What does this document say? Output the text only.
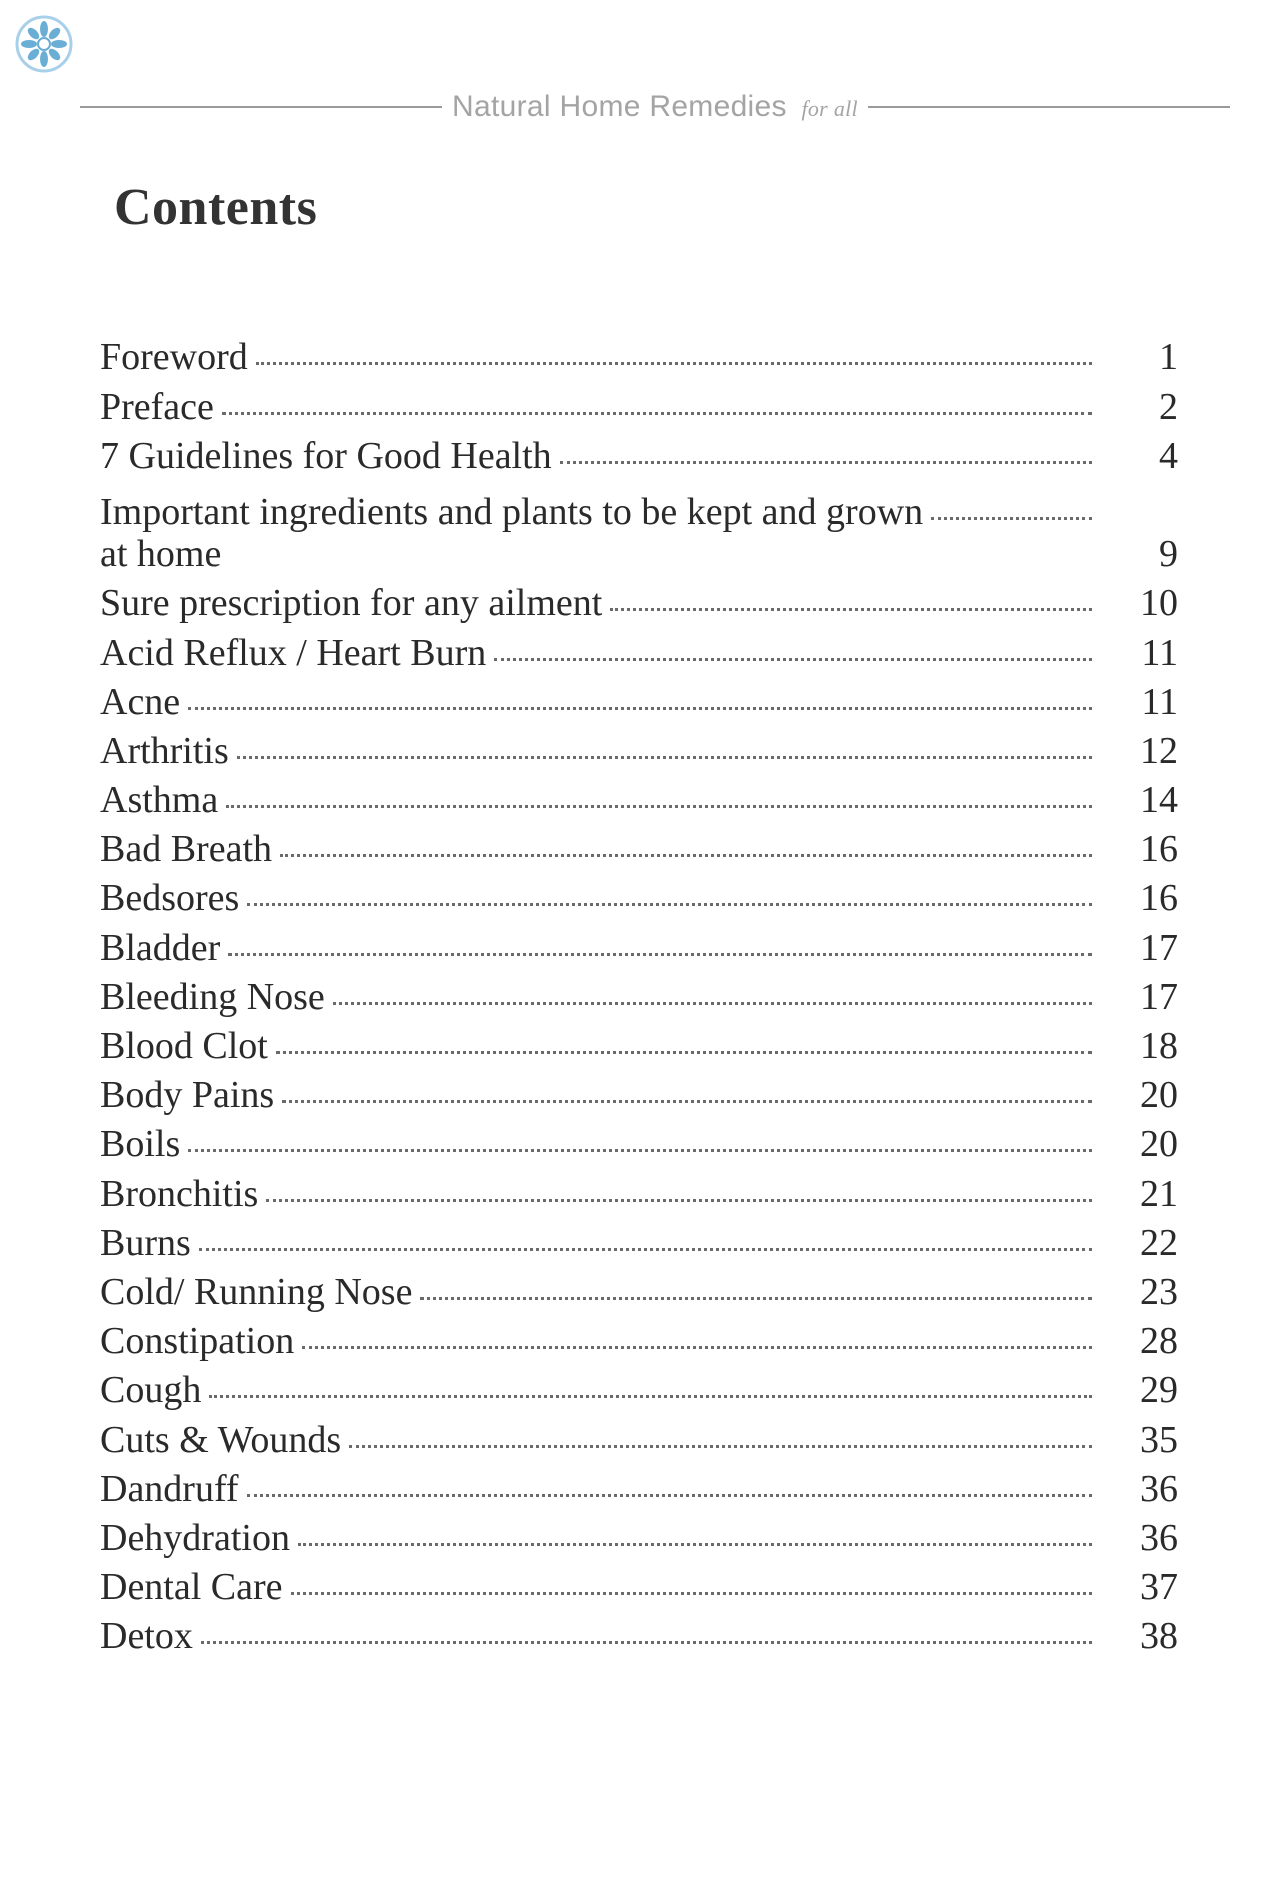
Natural Home Remedies for all
Contents
Foreword	1
Preface	2
7 Guidelines for Good Health	4
Important ingredients and plants to be kept and grown
at home	9
Sure prescription for any ailment	10
Acid Reflux / Heart Burn	11
Acne	11
Arthritis	12
Asthma	14
Bad Breath	16
Bedsores	16
Bladder	17
Bleeding Nose	17
Blood Clot	18
Body Pains	20
Boils	20
Bronchitis	21
Burns	22
Cold/ Running Nose	23
Constipation	28
Cough	29
Cuts & Wounds	35
Dandruff	36
Dehydration	36
Dental Care	37
Detox	38
